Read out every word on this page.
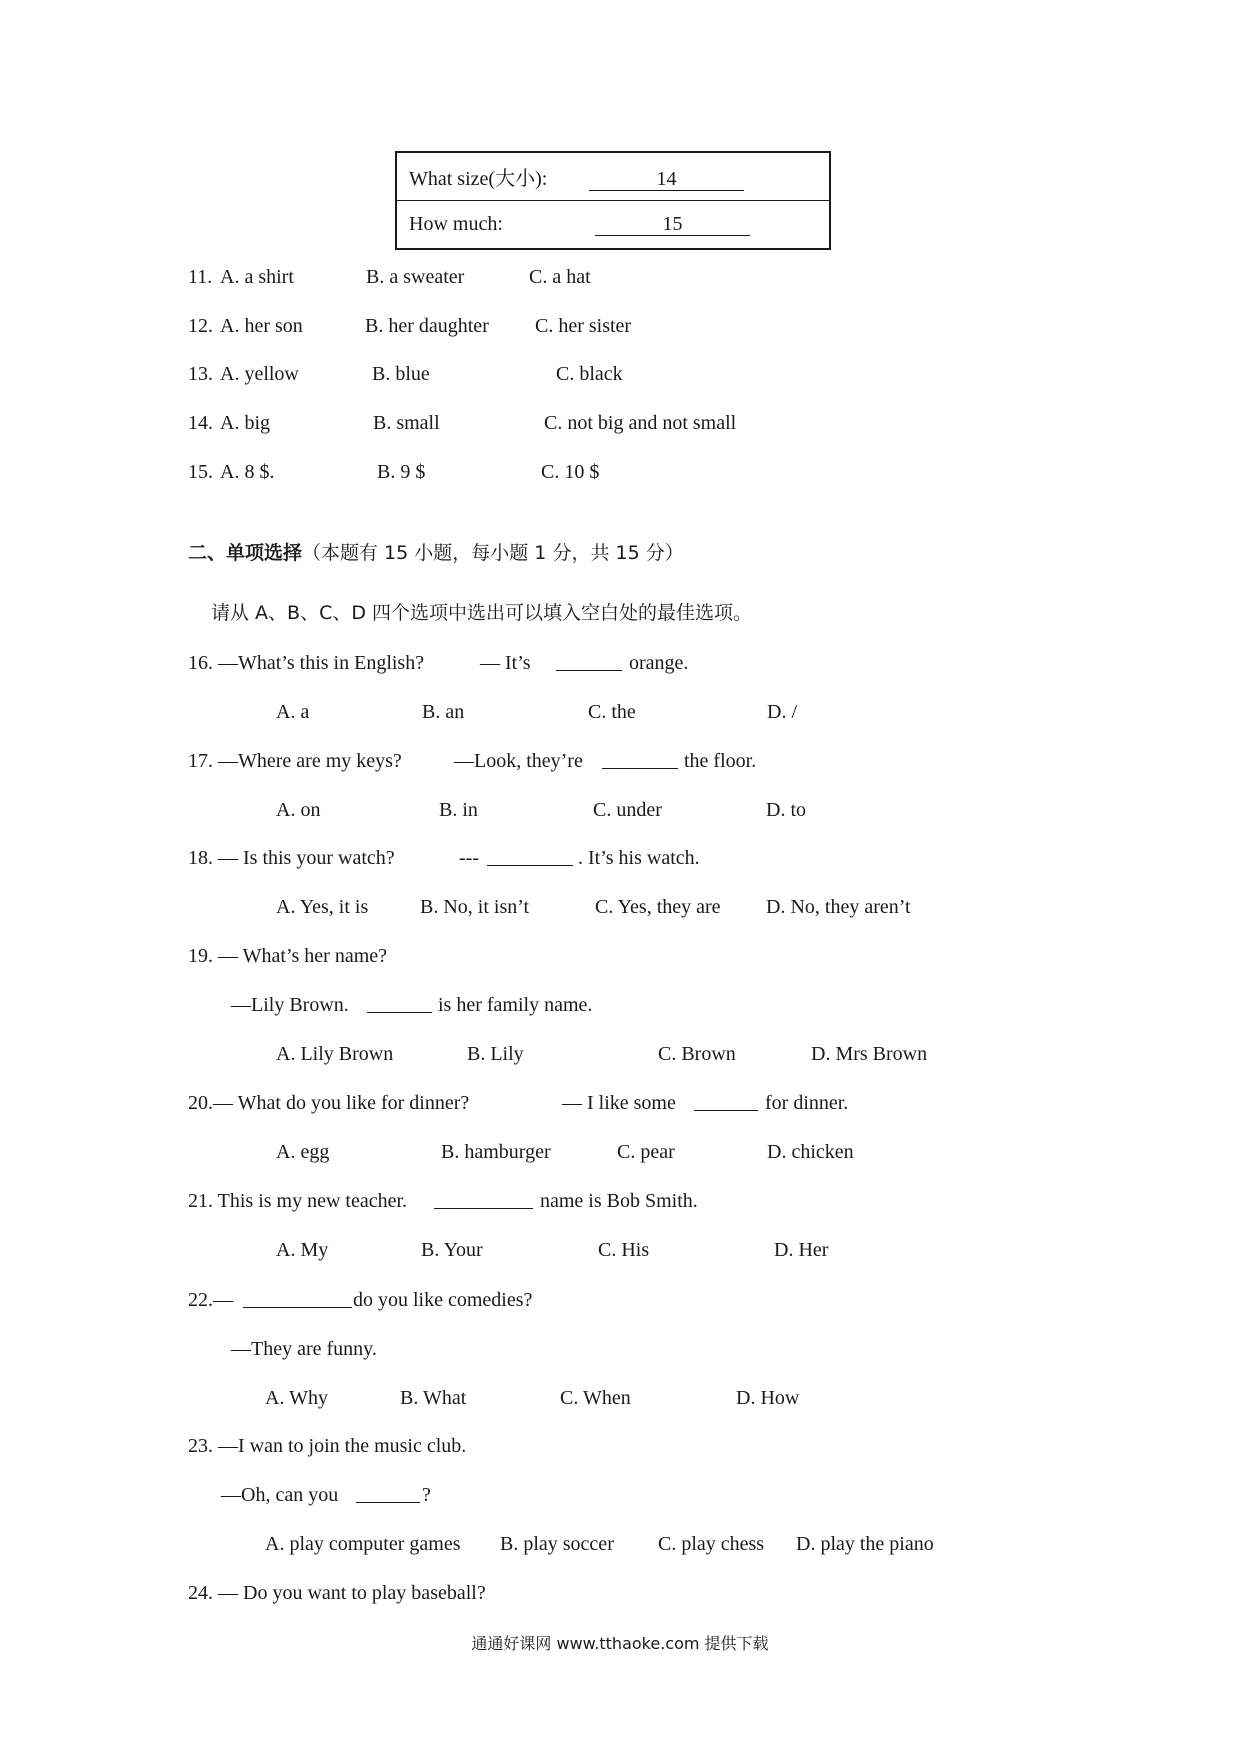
What size(大小):	14
How much:	15
11. A. a shirt	B. a sweater	C. a hat
12. A. her son	B. her daughter C. her sister
13. A. yellow	B. blue	C. black
14. A. big	B. small	C. not big and not small
15. A. 8 $.	B. 9 $	C. 10 $
二、单项选择（本题有 15 小题，每小题 1 分，共 15 分）
请从 A、B、C、D 四个选项中选出可以填入空白处的最佳选项。
16. —What’s this in English?	— It’s	orange.
A. a	B. an	C. the	D. /
17. —Where are my keys?	—Look, they’re	the floor.
A. on	B. in	C. under	D. to
18. — Is this your watch?	---	. It’s his watch.
A. Yes, it is	B. No, it isn’t	C. Yes, they are D. No, they aren’t
19. — What’s her name?
—Lily Brown.	is her family name.
A. Lily Brown	B. Lily	C. Brown	D. Mrs Brown
20.— What do you like for dinner?	— I like some	for dinner.
A. egg	B. hamburger	C. pear	D. chicken
21. This is my new teacher.	name is Bob Smith.
A. My	B. Your	C. His	D. Her
22.—	do you like comedies?
—They are funny.
A. Why	B. What	C. When	D. How
23. —I wan to join the music club.
—Oh, can you	?
A. play computer games B. play soccer C. play chess D. play the piano
24. — Do you want to play baseball?
通通好课网 www.tthaoke.com 提供下载
